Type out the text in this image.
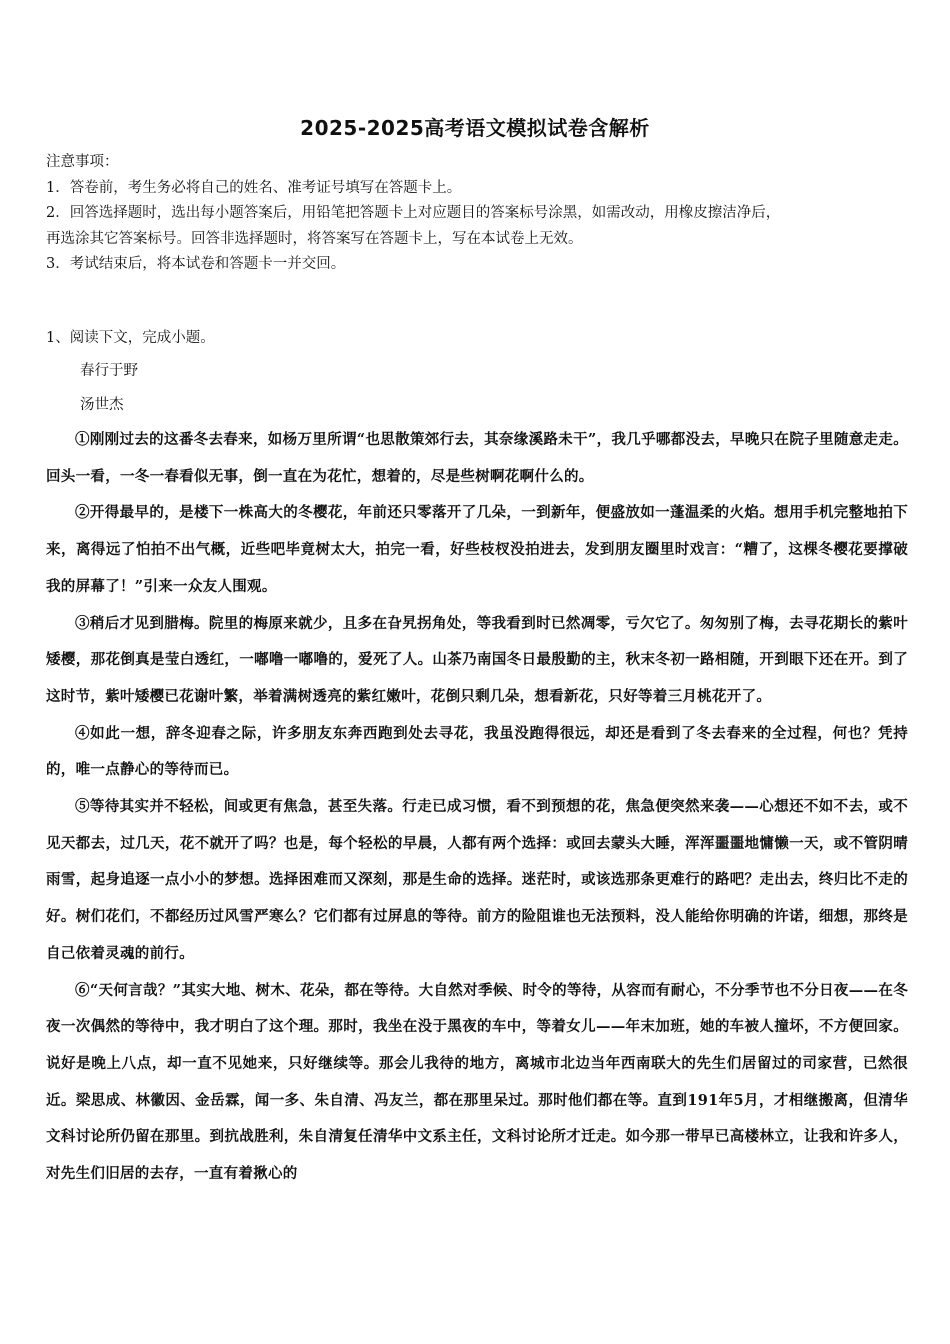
2025-2025高考语文模拟试卷含解析
注意事项：
1．答卷前，考生务必将自己的姓名、准考证号填写在答题卡上。
2．回答选择题时，选出每小题答案后，用铅笔把答题卡上对应题目的答案标号涂黑，如需改动，用橡皮擦洁净后，
再选涂其它答案标号。回答非选择题时，将答案写在答题卡上，写在本试卷上无效。
3．考试结束后，将本试卷和答题卡一并交回。
1、阅读下文，完成小题。
春行于野
汤世杰

①刚刚过去的这番冬去春来，如杨万里所谓“也思散策郊行去，其奈缘溪路未干”，我几乎哪都没去，早晚只在院子里随意走走。回头一看，一冬一春看似无事，倒一直在为花忙，想着的，尽是些树啊花啊什么的。

②开得最早的，是楼下一株高大的冬樱花，年前还只零落开了几朵，一到新年，便盛放如一蓬温柔的火焰。想用手机完整地拍下来，离得远了怕拍不出气概，近些吧毕竟树太大，拍完一看，好些枝杈没拍进去，发到朋友圈里时戏言：“糟了，这棵冬樱花要撑破我的屏幕了！”引来一众友人围观。

③稍后才见到腊梅。院里的梅原来就少，且多在旮旯拐角处，等我看到时已然凋零，亏欠它了。匆匆别了梅，去寻花期长的紫叶矮樱，那花倒真是莹白透红，一嘟噜一嘟噜的，爱死了人。山茶乃南国冬日最殷勤的主，秋末冬初一路相随，开到眼下还在开。到了这时节，紫叶矮樱已花谢叶繁，举着满树透亮的紫红嫩叶，花倒只剩几朵，想看新花，只好等着三月桃花开了。

④如此一想，辞冬迎春之际，许多朋友东奔西跑到处去寻花，我虽没跑得很远，却还是看到了冬去春来的全过程，何也？凭持的，唯一点静心的等待而已。

⑤等待其实并不轻松，间或更有焦急，甚至失落。行走已成习惯，看不到预想的花，焦急便突然来袭——心想还不如不去，或不见天都去，过几天，花不就开了吗？也是，每个轻松的早晨，人都有两个选择：或回去蒙头大睡，浑浑噩噩地慵懒一天，或不管阴晴雨雪，起身追逐一点小小的梦想。选择困难而又深刻，那是生命的选择。迷茫时，或该选那条更难行的路吧？走出去，终归比不走的好。树们花们，不都经历过风雪严寒么？它们都有过屏息的等待。前方的险阻谁也无法预料，没人能给你明确的许诺，细想，那终是自己依着灵魂的前行。

⑥“天何言哉？”其实大地、树木、花朵，都在等待。大自然对季候、时令的等待，从容而有耐心，不分季节也不分日夜——在冬夜一次偶然的等待中，我才明白了这个理。那时，我坐在没于黑夜的车中，等着女儿——年末加班，她的车被人撞坏，不方便回家。说好是晚上八点，却一直不见她来，只好继续等。那会儿我待的地方，离城市北边当年西南联大的先生们居留过的司家营，已然很近。梁思成、林徽因、金岳霖，闻一多、朱自清、冯友兰，都在那里呆过。那时他们都在等。直到191年5月，才相继搬离，但清华文科讨论所仍留在那里。到抗战胜利，朱自清复任清华中文系主任，文科讨论所才迁走。如今那一带早已高楼林立，让我和许多人，对先生们旧居的去存，一直有着揪心的
